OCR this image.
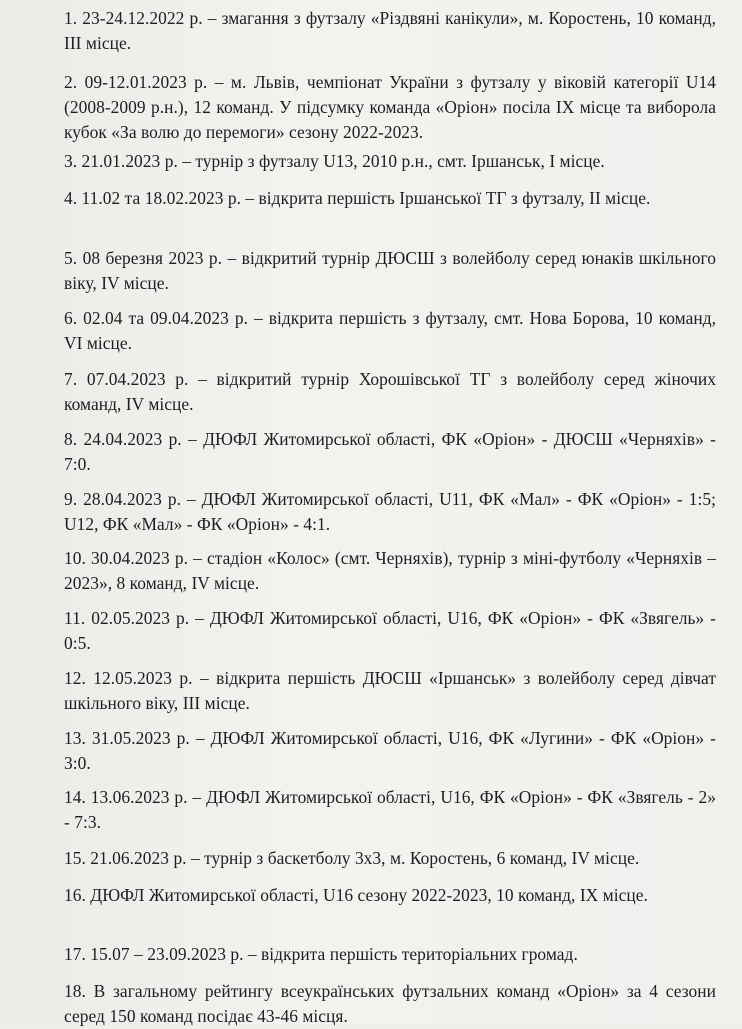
1. 23-24.12.2022 р. – змагання з футзалу «Різдвяні канікули», м. Коростень, 10 команд, ІІІ місце.

2. 09-12.01.2023 р. – м. Львів, чемпіонат України з футзалу у віковій категорії U14 (2008-2009 р.н.), 12 команд. У підсумку команда «Оріон» посіла IX місце та виборола кубок «За волю до перемоги» сезону 2022-2023.

3. 21.01.2023 р. – турнір з футзалу U13, 2010 р.н., смт. Іршанськ, І місце.

4. 11.02 та 18.02.2023 р. – відкрита першість Іршанської ТГ з футзалу, ІІ місце.

5. 08 березня 2023 р. – відкритий турнір ДЮСШ з волейболу серед юнаків шкільного віку, IV місце.

6. 02.04 та 09.04.2023 р. – відкрита першість з футзалу, смт. Нова Борова, 10 команд, VI місце.

7. 07.04.2023 р. – відкритий турнір Хорошівської ТГ з волейболу серед жіночих команд, IV місце.

8. 24.04.2023 р. – ДЮФЛ Житомирської області, ФК «Оріон» - ДЮСШ «Черняхів» - 7:0.

9. 28.04.2023 р. – ДЮФЛ Житомирської області, U11, ФК «Мал» - ФК «Оріон» - 1:5; U12, ФК «Мал» - ФК «Оріон» - 4:1.

10. 30.04.2023 р. – стадіон «Колос» (смт. Черняхів), турнір з міні-футболу «Черняхів – 2023», 8 команд, IV місце.

11. 02.05.2023 р. – ДЮФЛ Житомирської області, U16, ФК «Оріон» - ФК «Звягель» - 0:5.

12. 12.05.2023 р. – відкрита першість ДЮСШ «Іршанськ» з волейболу серед дівчат шкільного віку, ІІІ місце.

13. 31.05.2023 р. – ДЮФЛ Житомирської області, U16, ФК «Лугини» - ФК «Оріон» - 3:0.

14. 13.06.2023 р. – ДЮФЛ Житомирської області, U16, ФК «Оріон» - ФК «Звягель - 2» - 7:3.

15. 21.06.2023 р. – турнір з баскетболу 3х3, м. Коростень, 6 команд, IV місце.

16. ДЮФЛ Житомирської області, U16 сезону 2022-2023, 10 команд, IX місце.

17. 15.07 – 23.09.2023 р. – відкрита першість територіальних громад.

18. В загальному рейтингу всеукраїнських футзальних команд «Оріон» за 4 сезони серед 150 команд посідає 43-46 місця.
